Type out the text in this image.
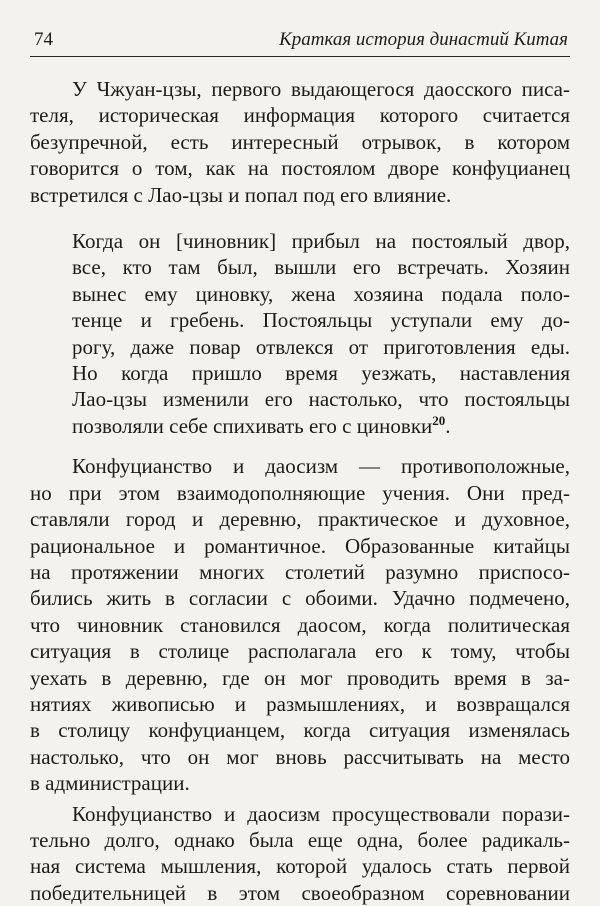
74	Краткая история династий Китая

У Чжуан-цзы, первого выдающегося даосского писа-
теля, историческая информация которого считается
безупречной, есть интересный отрывок, в котором
говорится о том, как на постоялом дворе конфуцианец
встретился с Лао-цзы и попал под его влияние.

Когда он [чиновник] прибыл на постоялый двор,
все, кто там был, вышли его встречать. Хозяин
вынес ему циновку, жена хозяина подала поло-
тенце и гребень. Постояльцы уступали ему до-
рогу, даже повар отвлекся от приготовления еды.
Но когда пришло время уезжать, наставления
Лао-цзы изменили его настолько, что постояльцы
позволяли себе спихивать его с циновки$^{20}$.

Конфуцианство и даосизм — противоположные,
но при этом взаимодополняющие учения. Они пред-
ставляли город и деревню, практическое и духовное,
рациональное и романтичное. Образованные китайцы
на протяжении многих столетий разумно приспосо-
бились жить в согласии с обоими. Удачно подмечено,
что чиновник становился даосом, когда политическая
ситуация в столице располагала его к тому, чтобы
уехать в деревню, где он мог проводить время в за-
нятиях живописью и размышлениях, и возвращался
в столицу конфуцианцем, когда ситуация изменялась
настолько, что он мог вновь рассчитывать на место
в администрации.

Конфуцианство и даосизм просуществовали порази-
тельно долго, однако была еще одна, более радикаль-
ная система мышления, которой удалось стать первой
победительницей в этом своеобразном соревновании
